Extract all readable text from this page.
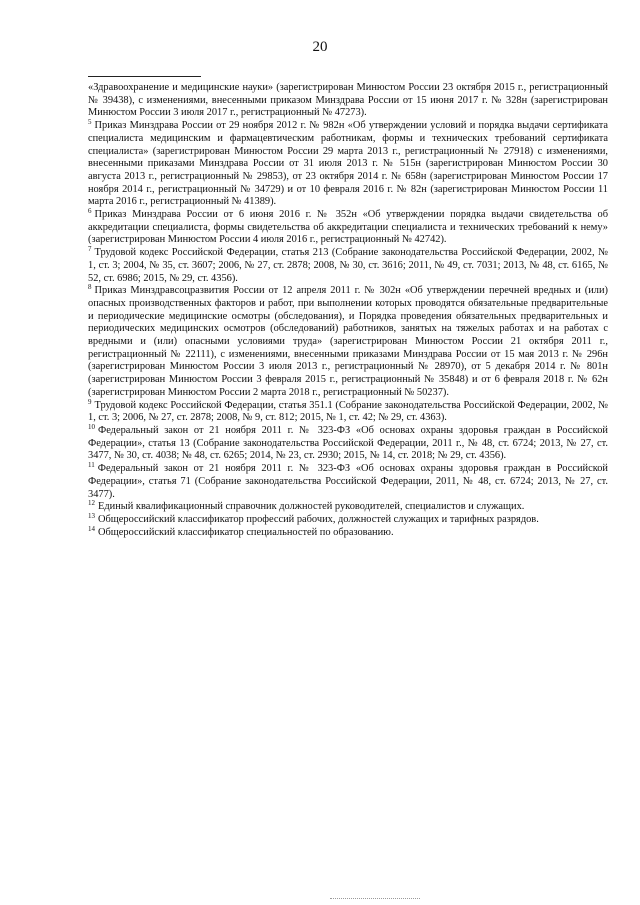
20

«Здравоохранение и медицинские науки» (зарегистрирован Минюстом России 23 октября 2015 г., регистрационный № 39438), с изменениями, внесенными приказом Минздрава России от 15 июня 2017 г. № 328н (зарегистрирован Минюстом России 3 июля 2017 г., регистрационный № 47273).

$^5$ Приказ Минздрава России от 29 ноября 2012 г. № 982н «Об утверждении условий и порядка выдачи сертификата специалиста медицинским и фармацевтическим работникам, формы и технических требований сертификата специалиста» (зарегистрирован Минюстом России 29 марта 2013 г., регистрационный № 27918) с изменениями, внесенными приказами Минздрава России от 31 июля 2013 г. № 515н (зарегистрирован Минюстом России 30 августа 2013 г., регистрационный № 29853), от 23 октября 2014 г. № 658н (зарегистрирован Минюстом России 17 ноября 2014 г., регистрационный № 34729) и от 10 февраля 2016 г. № 82н (зарегистрирован Минюстом России 11 марта 2016 г., регистрационный № 41389).

$^6$ Приказ Минздрава России от 6 июня 2016 г. № 352н «Об утверждении порядка выдачи свидетельства об аккредитации специалиста, формы свидетельства об аккредитации специалиста и технических требований к нему» (зарегистрирован Минюстом России 4 июля 2016 г., регистрационный № 42742).

$^7$ Трудовой кодекс Российской Федерации, статья 213 (Собрание законодательства Российской Федерации, 2002, № 1, ст. 3; 2004, № 35, ст. 3607; 2006, № 27, ст. 2878; 2008, № 30, ст. 3616; 2011, № 49, ст. 7031; 2013, № 48, ст. 6165, № 52, ст. 6986; 2015, № 29, ст. 4356).

$^8$ Приказ Минздравсоцразвития России от 12 апреля 2011 г. № 302н «Об утверждении перечней вредных и (или) опасных производственных факторов и работ, при выполнении которых проводятся обязательные предварительные и периодические медицинские осмотры (обследования), и Порядка проведения обязательных предварительных и периодических медицинских осмотров (обследований) работников, занятых на тяжелых работах и на работах с вредными и (или) опасными условиями труда» (зарегистрирован Минюстом России 21 октября 2011 г., регистрационный № 22111), с изменениями, внесенными приказами Минздрава России от 15 мая 2013 г. № 296н (зарегистрирован Минюстом России 3 июля 2013 г., регистрационный № 28970), от 5 декабря 2014 г. № 801н (зарегистрирован Минюстом России 3 февраля 2015 г., регистрационный № 35848) и от 6 февраля 2018 г. № 62н (зарегистрирован Минюстом России 2 марта 2018 г., регистрационный № 50237).

$^9$ Трудовой кодекс Российской Федерации, статья 351.1 (Собрание законодательства Российской Федерации, 2002, № 1, ст. 3; 2006, № 27, ст. 2878; 2008, № 9, ст. 812; 2015, № 1, ст. 42; № 29, ст. 4363).

$^{10}$ Федеральный закон от 21 ноября 2011 г. № 323-ФЗ «Об основах охраны здоровья граждан в Российской Федерации», статья 13 (Собрание законодательства Российской Федерации, 2011 г., № 48, ст. 6724; 2013, № 27, ст. 3477, № 30, ст. 4038; № 48, ст. 6265; 2014, № 23, ст. 2930; 2015, № 14, ст. 2018; № 29, ст. 4356).

$^{11}$ Федеральный закон от 21 ноября 2011 г. № 323-ФЗ «Об основах охраны здоровья граждан в Российской Федерации», статья 71 (Собрание законодательства Российской Федерации, 2011, № 48, ст. 6724; 2013, № 27, ст. 3477).

$^{12}$ Единый квалификационный справочник должностей руководителей, специалистов и служащих.

$^{13}$ Общероссийский классификатор профессий рабочих, должностей служащих и тарифных разрядов.

$^{14}$ Общероссийский классификатор специальностей по образованию.
